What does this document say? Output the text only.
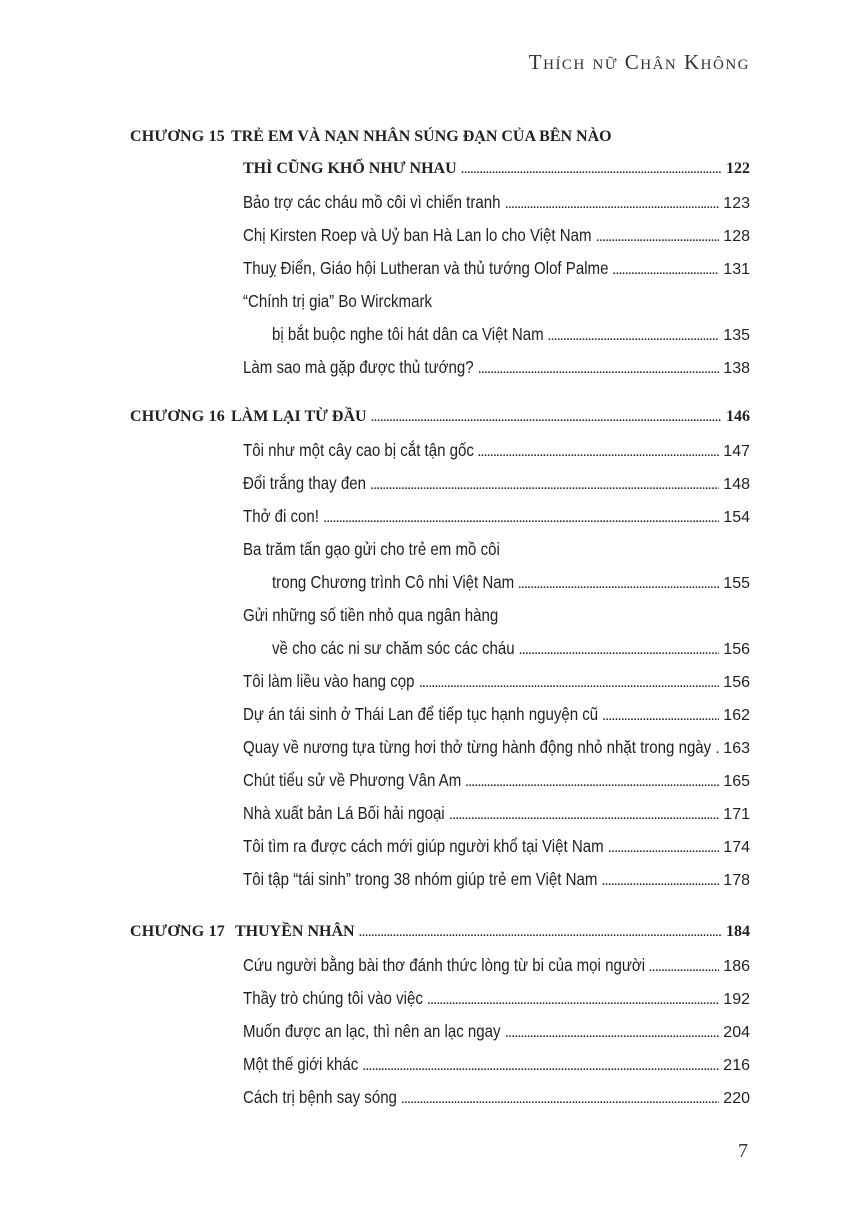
Thích nữ Chân Không
CHƯƠNG 15 TRẺ EM VÀ NẠN NHÂN SÚNG ĐẠN CỦA BÊN NÀO
THÌ CŨNG KHỔ NHƯ NHAU . . .	122
Bảo trợ các cháu mồ côi vì chiến tranh . . .	123
Chị Kirsten Roep và Uỷ ban Hà Lan lo cho Việt Nam . . .	128
Thuỵ Điển, Giáo hội Lutheran và thủ tướng Olof Palme . . .	131
“Chính trị gia” Bo Wirckmark
bị bắt buộc nghe tôi hát dân ca Việt Nam . . .	135
Làm sao mà gặp được thủ tướng? . . .	138
CHƯƠNG 16 LÀM LẠI TỪ ĐẦU . . .	146
Tôi như một cây cao bị cắt tận gốc . . .	147
Đổi trắng thay đen . . .	148
Thở đi con! . . .	154
Ba trăm tấn gạo gửi cho trẻ em mồ côi
trong Chương trình Cô nhi Việt Nam . . .	155
Gửi những số tiền nhỏ qua ngân hàng
về cho các ni sư chăm sóc các cháu . . .	156
Tôi làm liều vào hang cọp . . .	156
Dự án tái sinh ở Thái Lan để tiếp tục hạnh nguyện cũ . . .	162
Quay về nương tựa từng hơi thở từng hành động nhỏ nhặt trong ngày . . . 163
Chút tiểu sử về Phương Vân Am . . .	165
Nhà xuất bản Lá Bối hải ngoại . . .	171
Tôi tìm ra được cách mới giúp người khổ tại Việt Nam . . .	174
Tôi tập “tái sinh” trong 38 nhóm giúp trẻ em Việt Nam . . .	178
CHƯƠNG 17 THUYỀN NHÂN . . .	184
Cứu người bằng bài thơ đánh thức lòng từ bi của mọi người . . .	186
Thầy trò chúng tôi vào việc . . .	192
Muốn được an lạc, thì nên an lạc ngay . . .	204
Một thế giới khác . . .	216
Cách trị bệnh say sóng . . .	220
7
